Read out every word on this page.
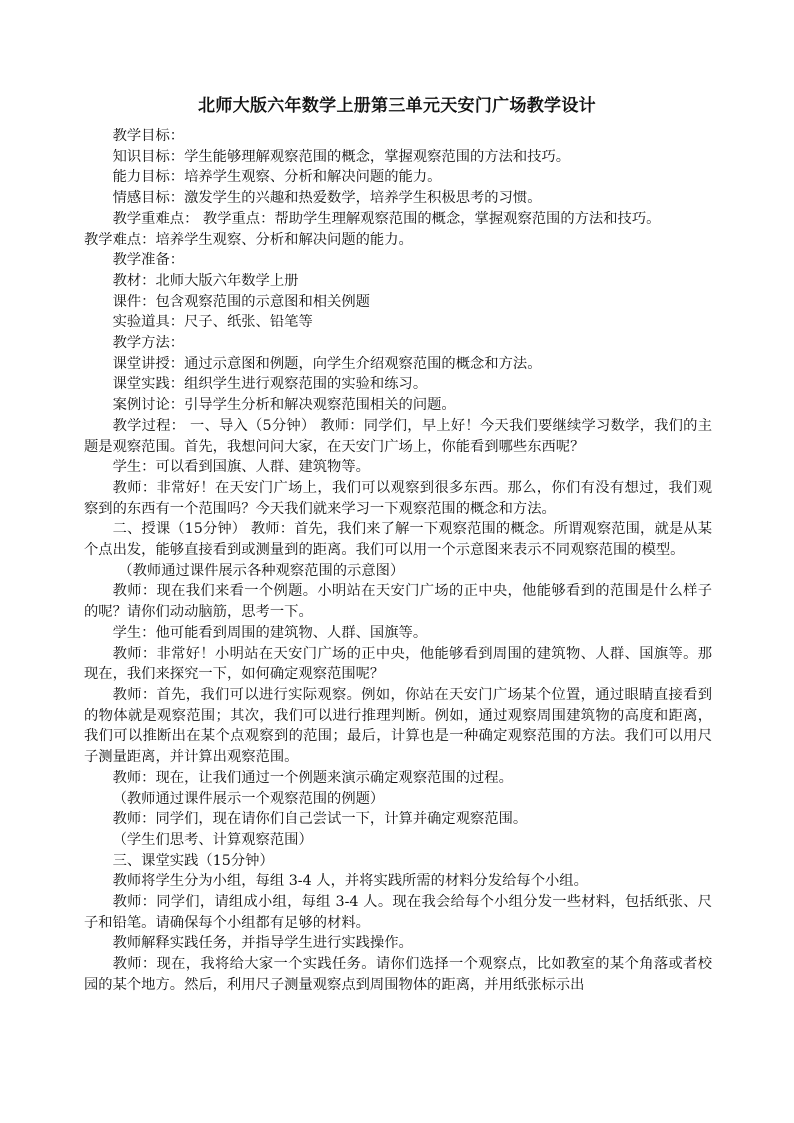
北师大版六年数学上册第三单元天安门广场教学设计

教学目标：

知识目标：学生能够理解观察范围的概念，掌握观察范围的方法和技巧。

能力目标：培养学生观察、分析和解决问题的能力。

情感目标：激发学生的兴趣和热爱数学，培养学生积极思考的习惯。

教学重难点： 教学重点：帮助学生理解观察范围的概念，掌握观察范围的方法和技巧。

教学难点：培养学生观察、分析和解决问题的能力。

教学准备：

教材：北师大版六年数学上册

课件：包含观察范围的示意图和相关例题

实验道具：尺子、纸张、铅笔等

教学方法：

课堂讲授：通过示意图和例题，向学生介绍观察范围的概念和方法。

课堂实践：组织学生进行观察范围的实验和练习。

案例讨论：引导学生分析和解决观察范围相关的问题。

教学过程： 一、导入（5分钟） 教师：同学们，早上好！今天我们要继续学习数学，我们的主题是观察范围。首先，我想问问大家，在天安门广场上，你能看到哪些东西呢？

学生：可以看到国旗、人群、建筑物等。

教师：非常好！在天安门广场上，我们可以观察到很多东西。那么，你们有没有想过，我们观察到的东西有一个范围吗？今天我们就来学习一下观察范围的概念和方法。

二、授课（15分钟） 教师：首先，我们来了解一下观察范围的概念。所谓观察范围，就是从某个点出发，能够直接看到或测量到的距离。我们可以用一个示意图来表示不同观察范围的模型。

（教师通过课件展示各种观察范围的示意图）

教师：现在我们来看一个例题。小明站在天安门广场的正中央，他能够看到的范围是什么样子的呢？请你们动动脑筋，思考一下。

学生：他可能看到周围的建筑物、人群、国旗等。

教师：非常好！小明站在天安门广场的正中央，他能够看到周围的建筑物、人群、国旗等。那现在，我们来探究一下，如何确定观察范围呢？

教师：首先，我们可以进行实际观察。例如，你站在天安门广场某个位置，通过眼睛直接看到的物体就是观察范围；其次，我们可以进行推理判断。例如，通过观察周围建筑物的高度和距离，我们可以推断出在某个点观察到的范围；最后，计算也是一种确定观察范围的方法。我们可以用尺子测量距离，并计算出观察范围。

教师：现在，让我们通过一个例题来演示确定观察范围的过程。

（教师通过课件展示一个观察范围的例题）

教师：同学们，现在请你们自己尝试一下，计算并确定观察范围。

（学生们思考、计算观察范围）

三、课堂实践（15分钟）

教师将学生分为小组，每组 3-4 人，并将实践所需的材料分发给每个小组。

教师：同学们，请组成小组，每组 3-4 人。现在我会给每个小组分发一些材料，包括纸张、尺子和铅笔。请确保每个小组都有足够的材料。

教师解释实践任务，并指导学生进行实践操作。

教师：现在，我将给大家一个实践任务。请你们选择一个观察点，比如教室的某个角落或者校园的某个地方。然后，利用尺子测量观察点到周围物体的距离，并用纸张标示出
